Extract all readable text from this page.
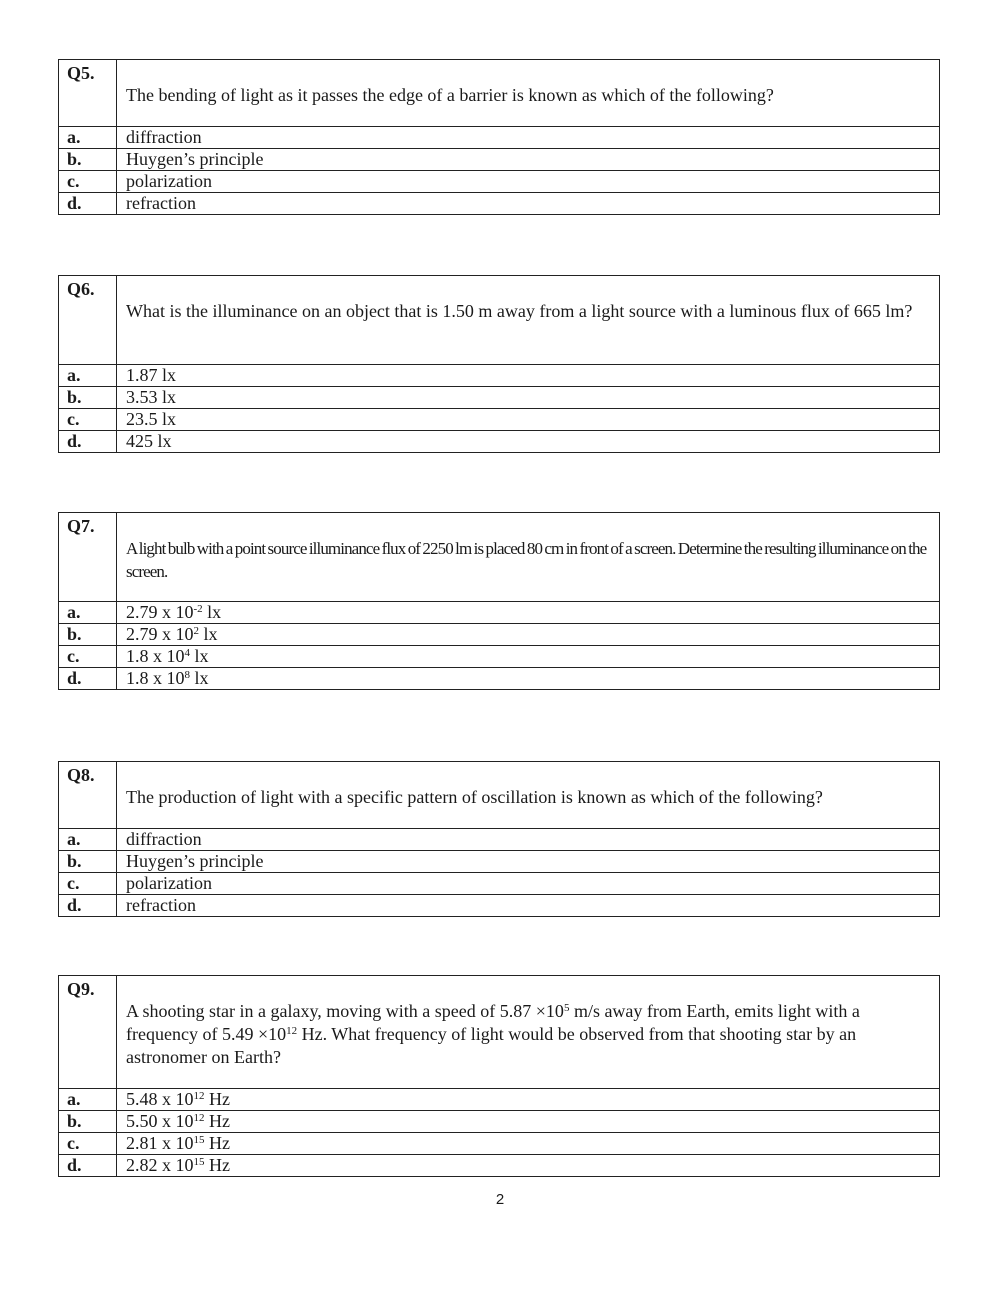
Q5.	The bending of light as it passes the edge of a barrier is known as which of the following?
a.	diffraction
b.	Huygen’s principle
c.	polarization
d.	refraction
Q6.	What is the illuminance on an object that is 1.50 m away from a light source with a luminous flux of 665 lm?
a.	1.87 lx
b.	3.53 lx
c.	23.5 lx
d.	425 lx
Q7.	A light bulb with a point source illuminance flux of 2250 lm is placed 80 cm in front of a screen. Determine the resulting illuminance on the screen.
a.	2.79 x $10^{-2}$ lx
b.	2.79 x $10^2$ lx
c.	1.8 x $10^4$ lx
d.	1.8 x $10^8$ lx
Q8.	The production of light with a specific pattern of oscillation is known as which of the following?
a.	diffraction
b.	Huygen’s principle
c.	polarization
d.	refraction
Q9.	A shooting star in a galaxy, moving with a speed of $5.87 \times 10^5$ m/s away from Earth, emits light with a frequency of $5.49 \times 10^{12}$ Hz. What frequency of light would be observed from that shooting star by an astronomer on Earth?
a.	5.48 x $10^{12}$ Hz
b.	5.50 x $10^{12}$ Hz
c.	2.81 x $10^{15}$ Hz
d.	2.82 x $10^{15}$ Hz
2
